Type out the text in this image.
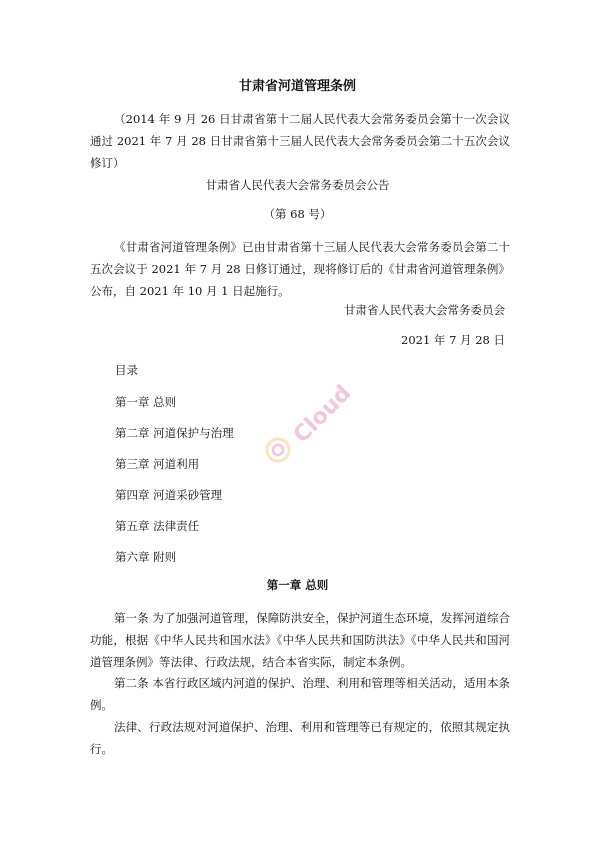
甘肃省河道管理条例
（2014 年 9 月 26 日甘肃省第十二届人民代表大会常务委员会第十一次会议通过 2021 年 7 月 28 日甘肃省第十三届人民代表大会常务委员会第二十五次会议修订）
甘肃省人民代表大会常务委员会公告
（第 68 号）
《甘肃省河道管理条例》已由甘肃省第十三届人民代表大会常务委员会第二十五次会议于 2021 年 7 月 28 日修订通过，现将修订后的《甘肃省河道管理条例》公布，自 2021 年 10 月 1 日起施行。
甘肃省人民代表大会常务委员会
2021 年 7 月 28 日
目录
第一章 总则
第二章 河道保护与治理
第三章 河道利用
第四章 河道采砂管理
第五章 法律责任
第六章 附则
第一章 总则
第一条 为了加强河道管理，保障防洪安全，保护河道生态环境，发挥河道综合功能，根据《中华人民共和国水法》《中华人民共和国防洪法》《中华人民共和国河道管理条例》等法律、行政法规，结合本省实际，制定本条例。
第二条 本省行政区域内河道的保护、治理、利用和管理等相关活动，适用本条例。
法律、行政法规对河道保护、治理、利用和管理等已有规定的，依照其规定执行。
Cloud
